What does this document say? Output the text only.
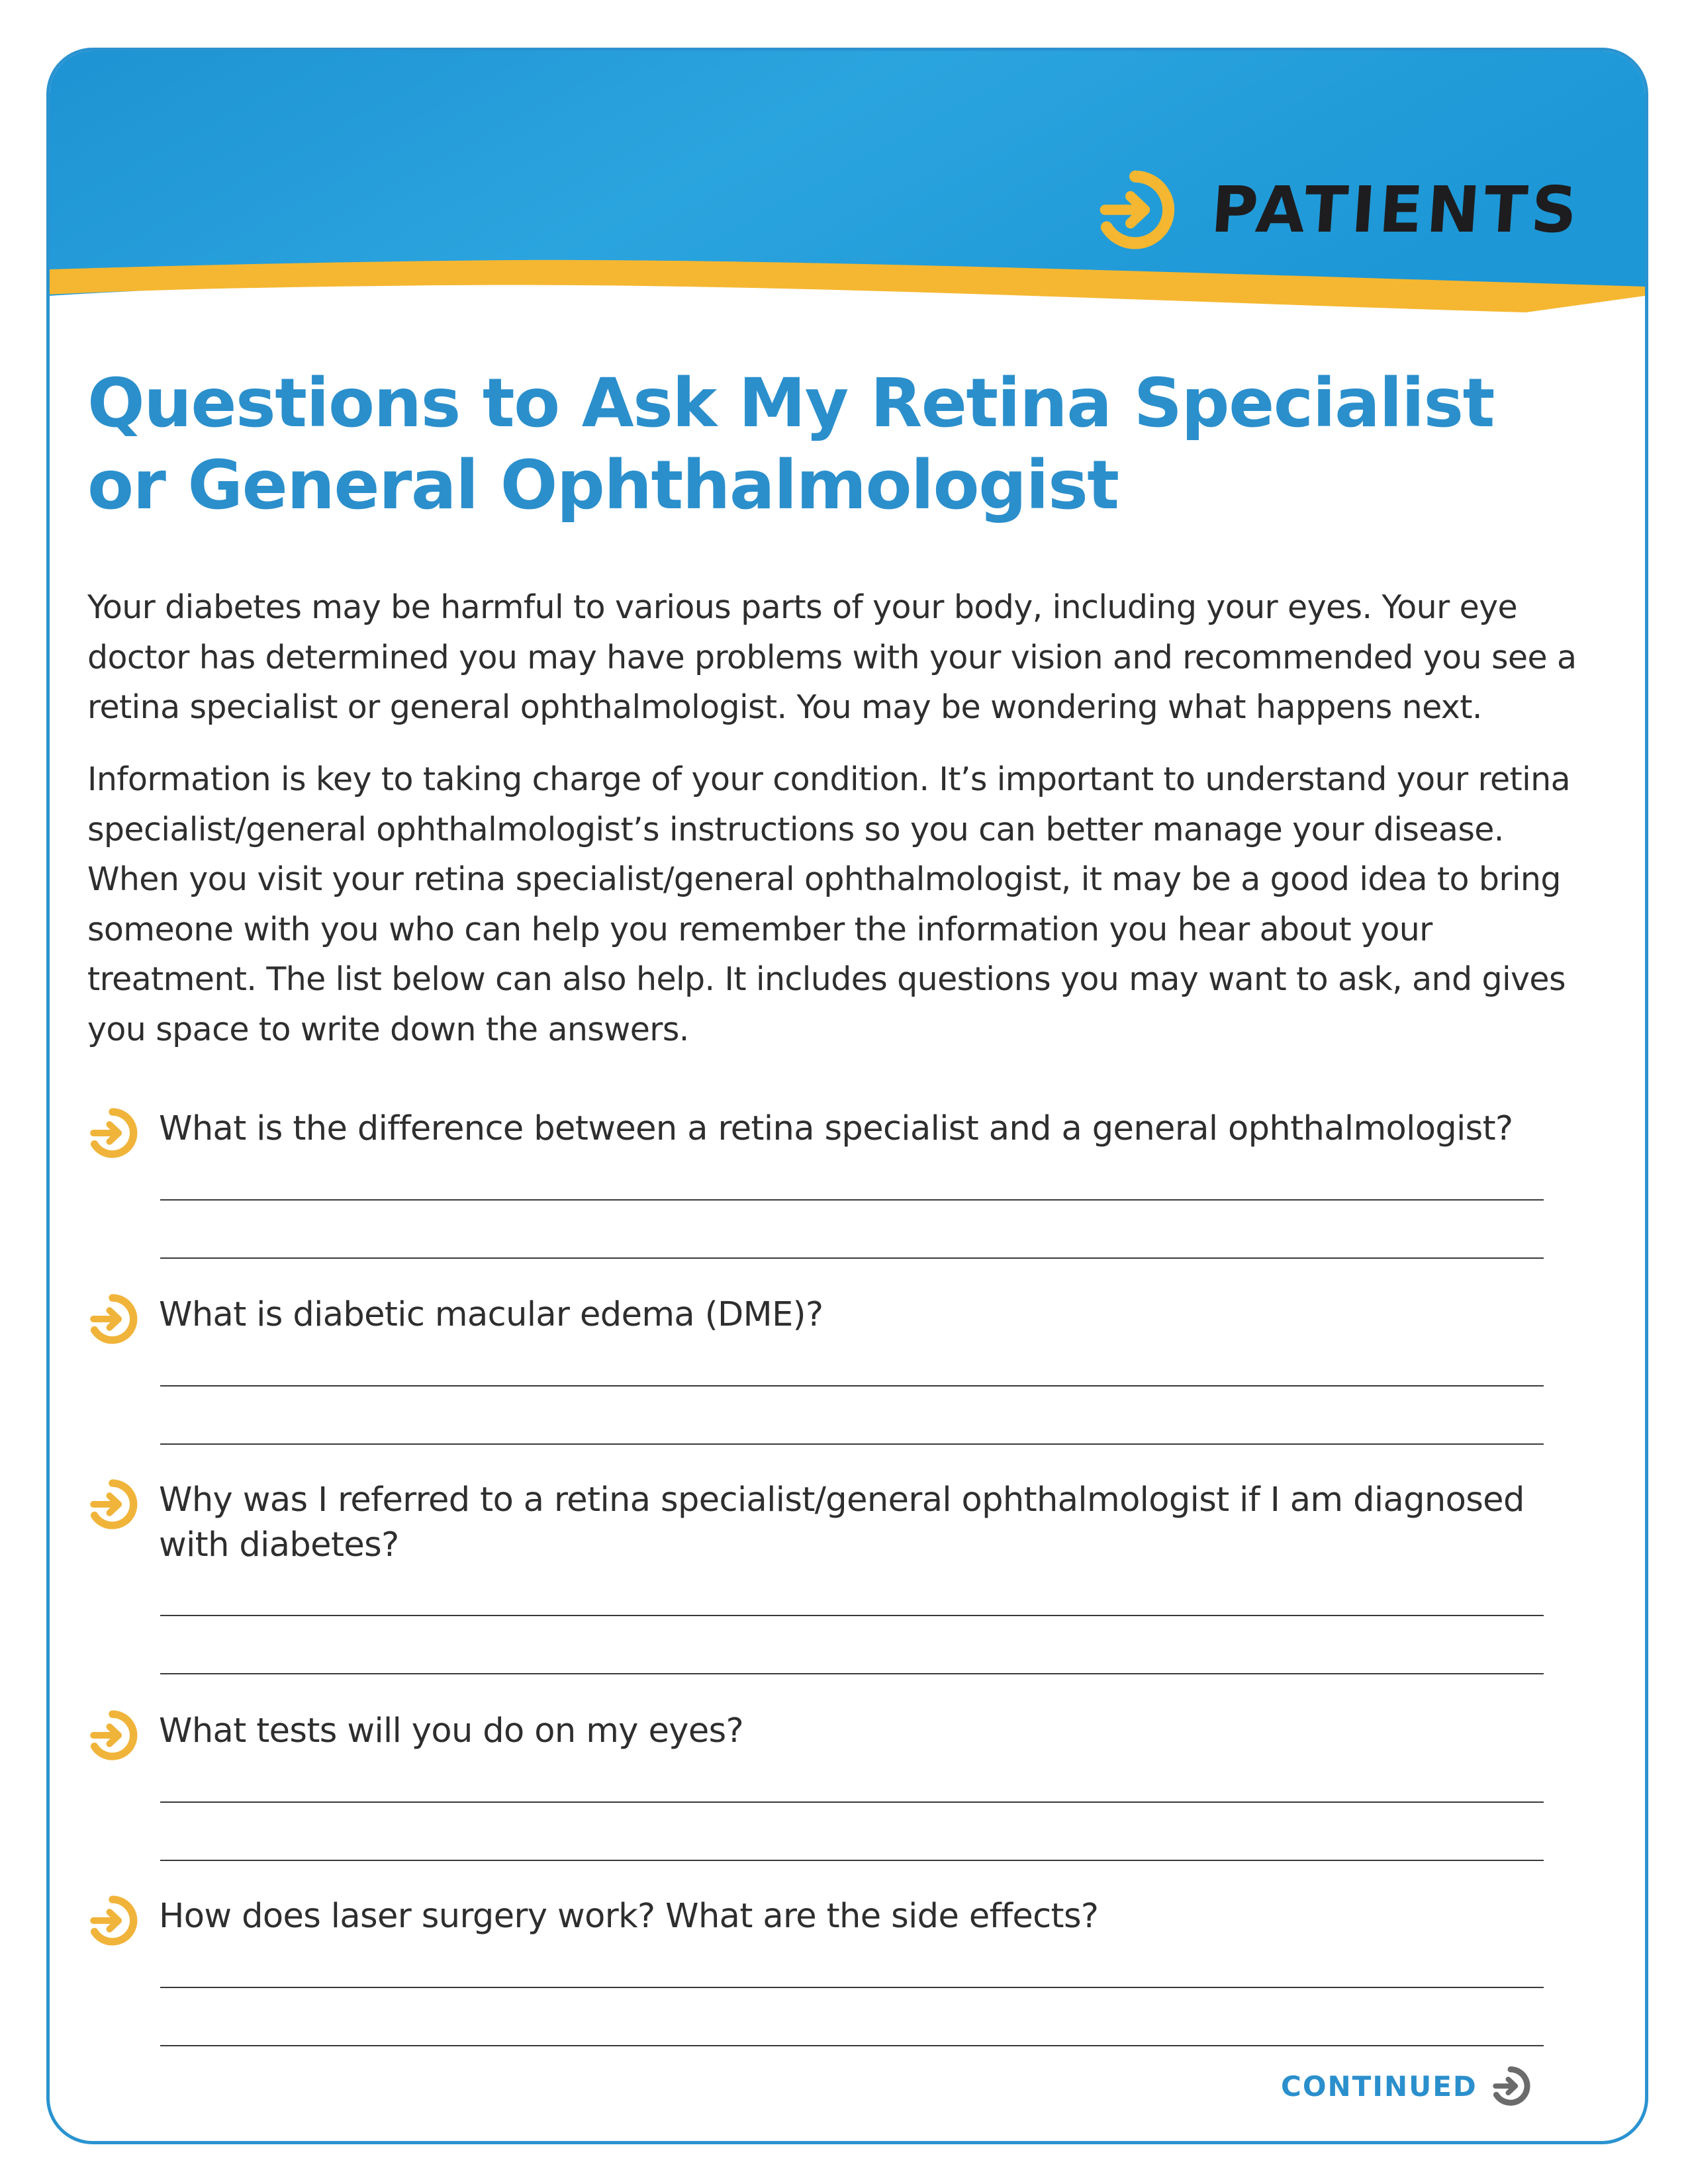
PATIENTS
Questions to Ask My Retina Specialist
or General Ophthalmologist

Your diabetes may be harmful to various parts of your body, including your eyes. Your eye doctor has determined you may have problems with your vision and recommended you see a retina specialist or general ophthalmologist. You may be wondering what happens next.

Information is key to taking charge of your condition. It’s important to understand your retina specialist/general ophthalmologist’s instructions so you can better manage your disease. When you visit your retina specialist/general ophthalmologist, it may be a good idea to bring someone with you who can help you remember the information you hear about your treatment. The list below can also help. It includes questions you may want to ask, and gives you space to write down the answers.

What is the difference between a retina specialist and a general ophthalmologist?

What is diabetic macular edema (DME)?

Why was I referred to a retina specialist/general ophthalmologist if I am diagnosed with diabetes?

What tests will you do on my eyes?

How does laser surgery work? What are the side effects?

CONTINUED
